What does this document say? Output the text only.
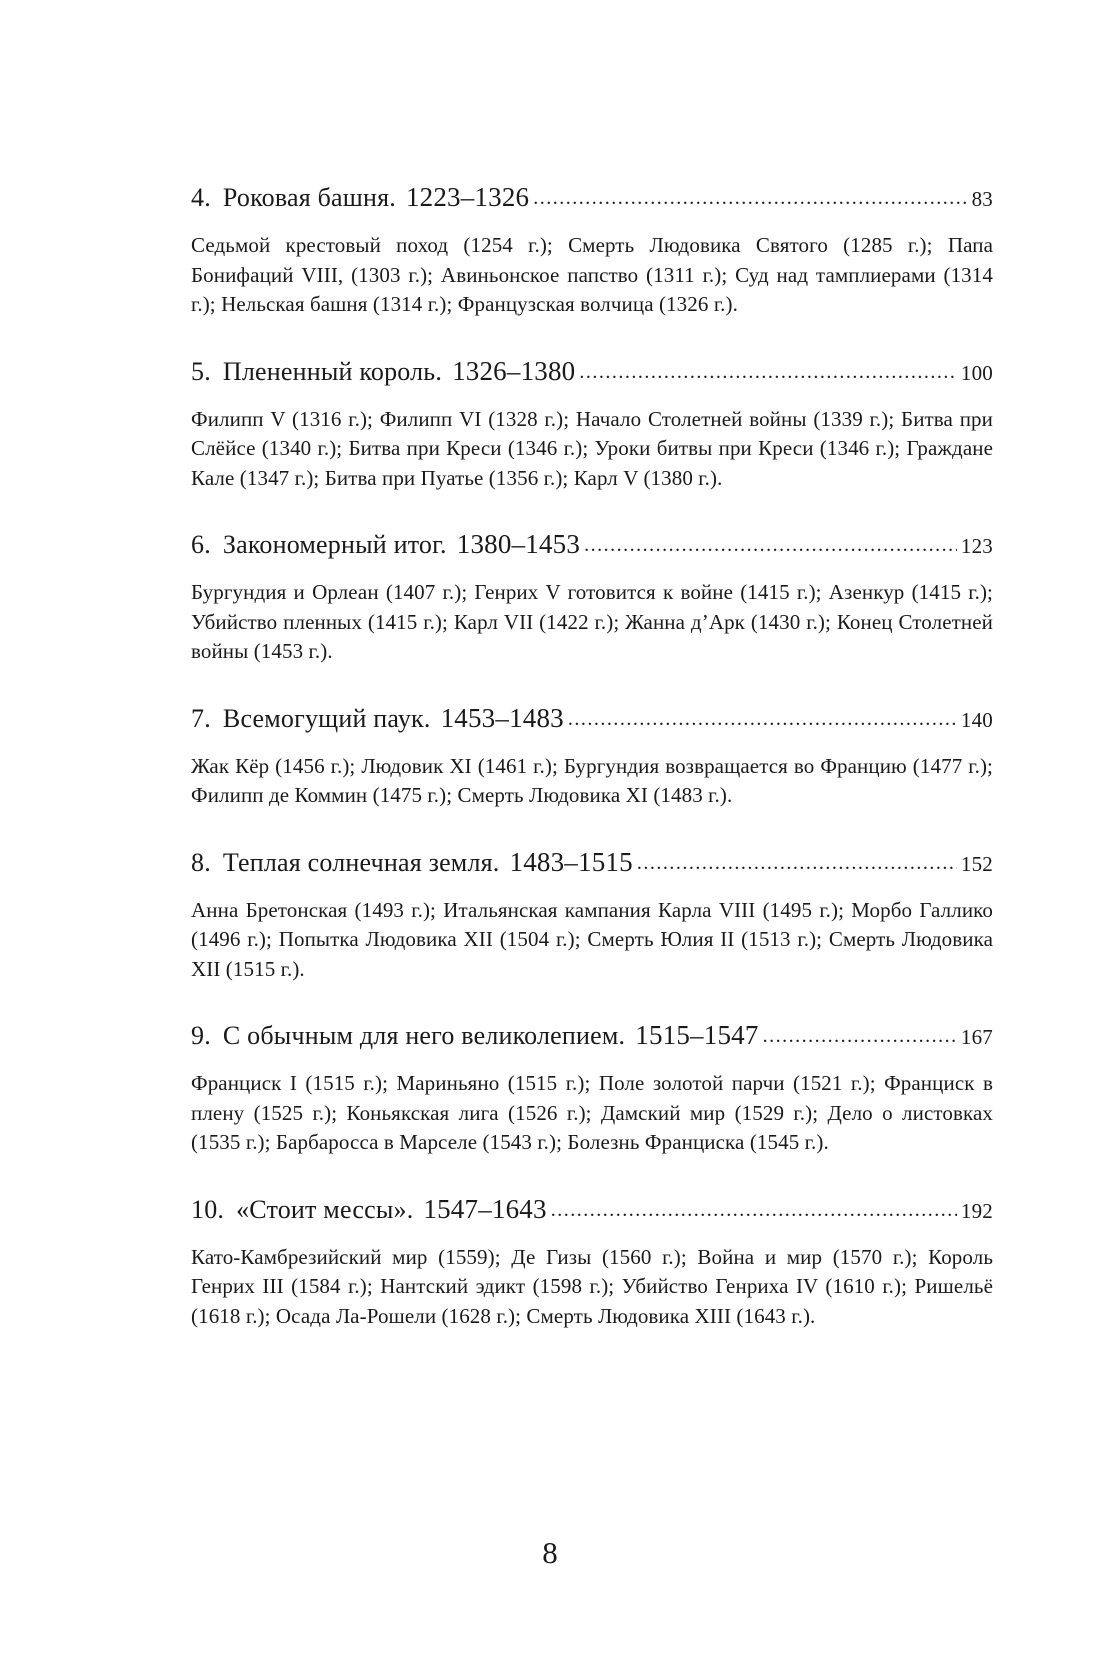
4. Роковая башня. 1223–1326 .....	83
Седьмой крестовый поход (1254 г.); Смерть Людовика Святого (1285 г.); Папа Бонифаций VIII, (1303 г.); Авиньонское папство (1311 г.); Суд над тамплиерами (1314 г.); Нельская башня (1314 г.); Французская волчица (1326 г.).
5. Плененный король. 1326–1380 .....	100
Филипп V (1316 г.); Филипп VI (1328 г.); Начало Столетней войны (1339 г.); Битва при Слёйсе (1340 г.); Битва при Креси (1346 г.); Уроки битвы при Креси (1346 г.); Граждане Кале (1347 г.); Битва при Пуатье (1356 г.); Карл V (1380 г.).
6. Закономерный итог. 1380–1453 .....	123
Бургундия и Орлеан (1407 г.); Генрих V готовится к войне (1415 г.); Азенкур (1415 г.); Убийство пленных (1415 г.); Карл VII (1422 г.); Жанна д’Арк (1430 г.); Конец Столетней войны (1453 г.).
7. Всемогущий паук. 1453–1483 .....	140
Жак Кёр (1456 г.); Людовик XI (1461 г.); Бургундия возвращается во Францию (1477 г.); Филипп де Коммин (1475 г.); Смерть Людовика XI (1483 г.).
8. Теплая солнечная земля. 1483–1515 .....	152
Анна Бретонская (1493 г.); Итальянская кампания Карла VIII (1495 г.); Морбо Галлико (1496 г.); Попытка Людовика XII (1504 г.); Смерть Юлия II (1513 г.); Смерть Людовика XII (1515 г.).
9. С обычным для него великолепием. 1515–1547 .....	167
Франциск I (1515 г.); Мариньяно (1515 г.); Поле золотой парчи (1521 г.); Франциск в плену (1525 г.); Коньякская лига (1526 г.); Дамский мир (1529 г.); Дело о листовках (1535 г.); Барбаросса в Марселе (1543 г.); Болезнь Франциска (1545 г.).
10. «Стоит мессы». 1547–1643 .....	192
Като-Камбрезийский мир (1559); Де Гизы (1560 г.); Война и мир (1570 г.); Король Генрих III (1584 г.); Нантский эдикт (1598 г.); Убийство Генриха IV (1610 г.); Ришельё (1618 г.); Осада Ла-Рошели (1628 г.); Смерть Людовика XIII (1643 г.).
8
